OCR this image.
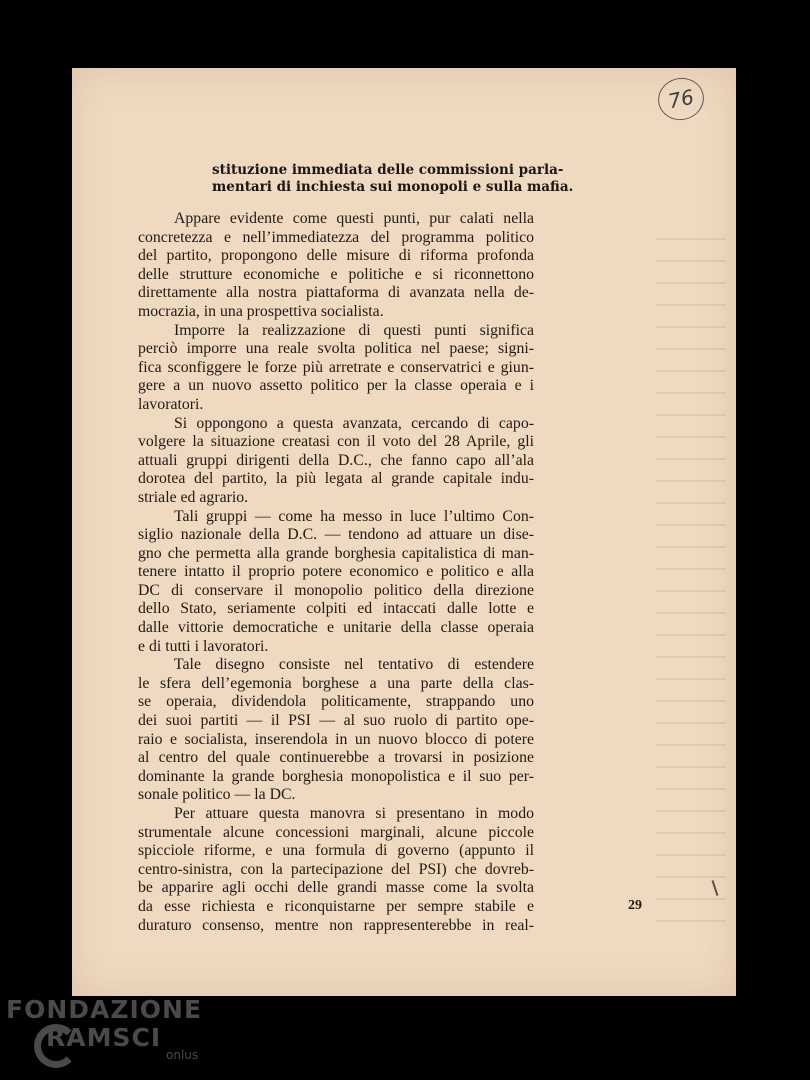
76
stituzione immediata delle commissioni parla-
mentari di inchiesta sui monopoli e sulla mafia.
Appare evidente come questi punti, pur calati nella
concretezza e nell’immediatezza del programma politico
del partito, propongono delle misure di riforma profonda
delle strutture economiche e politiche e si riconnettono
direttamente alla nostra piattaforma di avanzata nella de-
mocrazia, in una prospettiva socialista.
Imporre la realizzazione di questi punti significa
perciò imporre una reale svolta politica nel paese; signi-
fica sconfiggere le forze più arretrate e conservatrici e giun-
gere a un nuovo assetto politico per la classe operaia e i
lavoratori.
Si oppongono a questa avanzata, cercando di capo-
volgere la situazione creatasi con il voto del 28 Aprile, gli
attuali gruppi dirigenti della D.C., che fanno capo all’ala
dorotea del partito, la più legata al grande capitale indu-
striale ed agrario.
Tali gruppi — come ha messo in luce l’ultimo Con-
siglio nazionale della D.C. — tendono ad attuare un dise-
gno che permetta alla grande borghesia capitalistica di man-
tenere intatto il proprio potere economico e politico e alla
DC di conservare il monopolio politico della direzione
dello Stato, seriamente colpiti ed intaccati dalle lotte e
dalle vittorie democratiche e unitarie della classe operaia
e di tutti i lavoratori.
Tale disegno consiste nel tentativo di estendere
le sfera dell’egemonia borghese a una parte della clas-
se operaia, dividendola politicamente, strappando uno
dei suoi partiti — il PSI — al suo ruolo di partito ope-
raio e socialista, inserendola in un nuovo blocco di potere
al centro del quale continuerebbe a trovarsi in posizione
dominante la grande borghesia monopolistica e il suo per-
sonale politico — la DC.
Per attuare questa manovra si presentano in modo
strumentale alcune concessioni marginali, alcune piccole
spicciole riforme, e una formula di governo (appunto il
centro-sinistra, con la partecipazione del PSI) che dovreb-
be apparire agli occhi delle grandi masse come la svolta
da esse richiesta e riconquistarne per sempre stabile e
duraturo consenso, mentre non rappresenterebbe in real-
29
FONDAZIONE
RAMSCI
onlus
